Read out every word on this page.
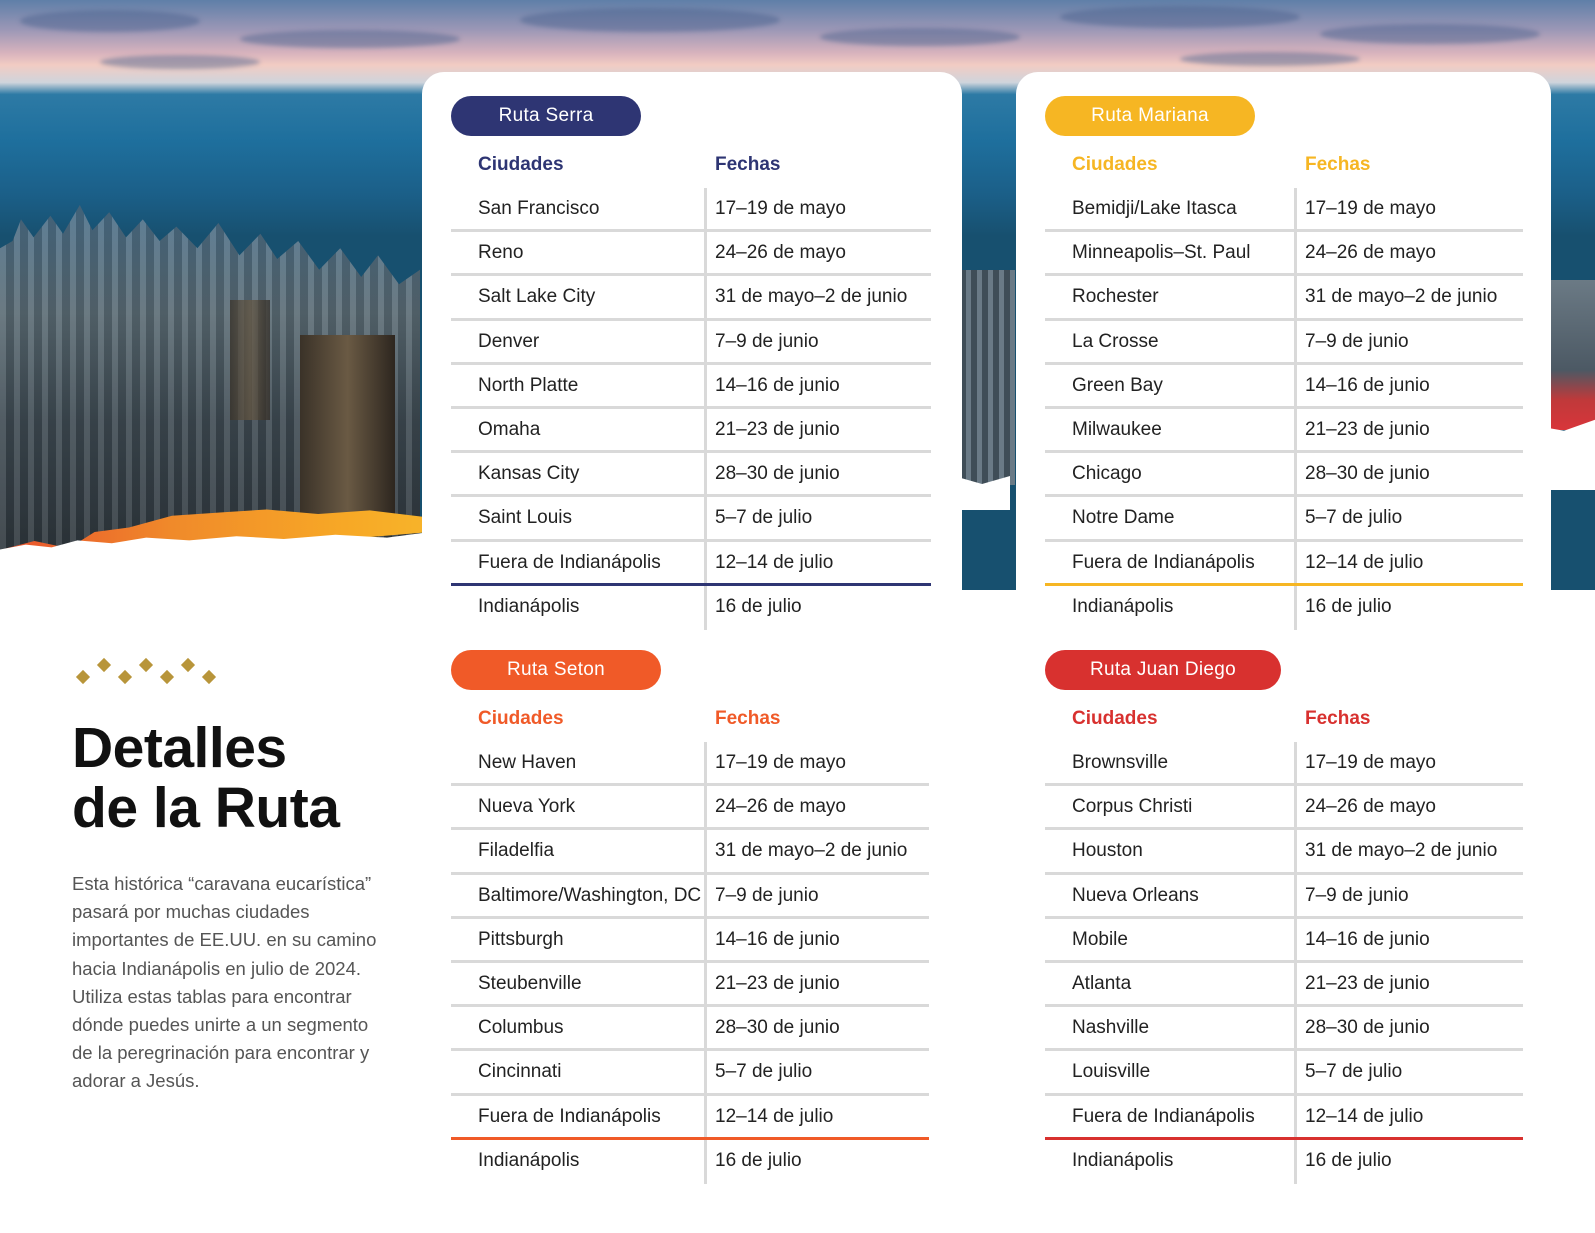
Detalles
de la Ruta
Esta histórica “caravana eucarística” pasará por muchas ciudades importantes de EE.UU. en su camino hacia Indianápolis en julio de 2024. Utiliza estas tablas para encontrar dónde puedes unirte a un segmento de la peregrinación para encontrar y adorar a Jesús.
Ruta Serra
Ciudades	Fechas
San Francisco	17–19 de mayo
Reno	24–26 de mayo
Salt Lake City	31 de mayo–2 de junio
Denver	7–9 de junio
North Platte	14–16 de junio
Omaha	21–23 de junio
Kansas City	28–30 de junio
Saint Louis	5–7 de julio
Fuera de Indianápolis	12–14 de julio
Indianápolis	16 de julio
Ruta Mariana
Ciudades	Fechas
Bemidji/Lake Itasca	17–19 de mayo
Minneapolis–St. Paul	24–26 de mayo
Rochester	31 de mayo–2 de junio
La Crosse	7–9 de junio
Green Bay	14–16 de junio
Milwaukee	21–23 de junio
Chicago	28–30 de junio
Notre Dame	5–7 de julio
Fuera de Indianápolis	12–14 de julio
Indianápolis	16 de julio
Ruta Seton
Ciudades	Fechas
New Haven	17–19 de mayo
Nueva York	24–26 de mayo
Filadelfia	31 de mayo–2 de junio
Baltimore/Washington, DC 7–9 de junio
Pittsburgh	14–16 de junio
Steubenville	21–23 de junio
Columbus	28–30 de junio
Cincinnati	5–7 de julio
Fuera de Indianápolis	12–14 de julio
Indianápolis	16 de julio
Ruta Juan Diego
Ciudades	Fechas
Brownsville	17–19 de mayo
Corpus Christi	24–26 de mayo
Houston	31 de mayo–2 de junio
Nueva Orleans	7–9 de junio
Mobile	14–16 de junio
Atlanta	21–23 de junio
Nashville	28–30 de junio
Louisville	5–7 de julio
Fuera de Indianápolis	12–14 de julio
Indianápolis	16 de julio
